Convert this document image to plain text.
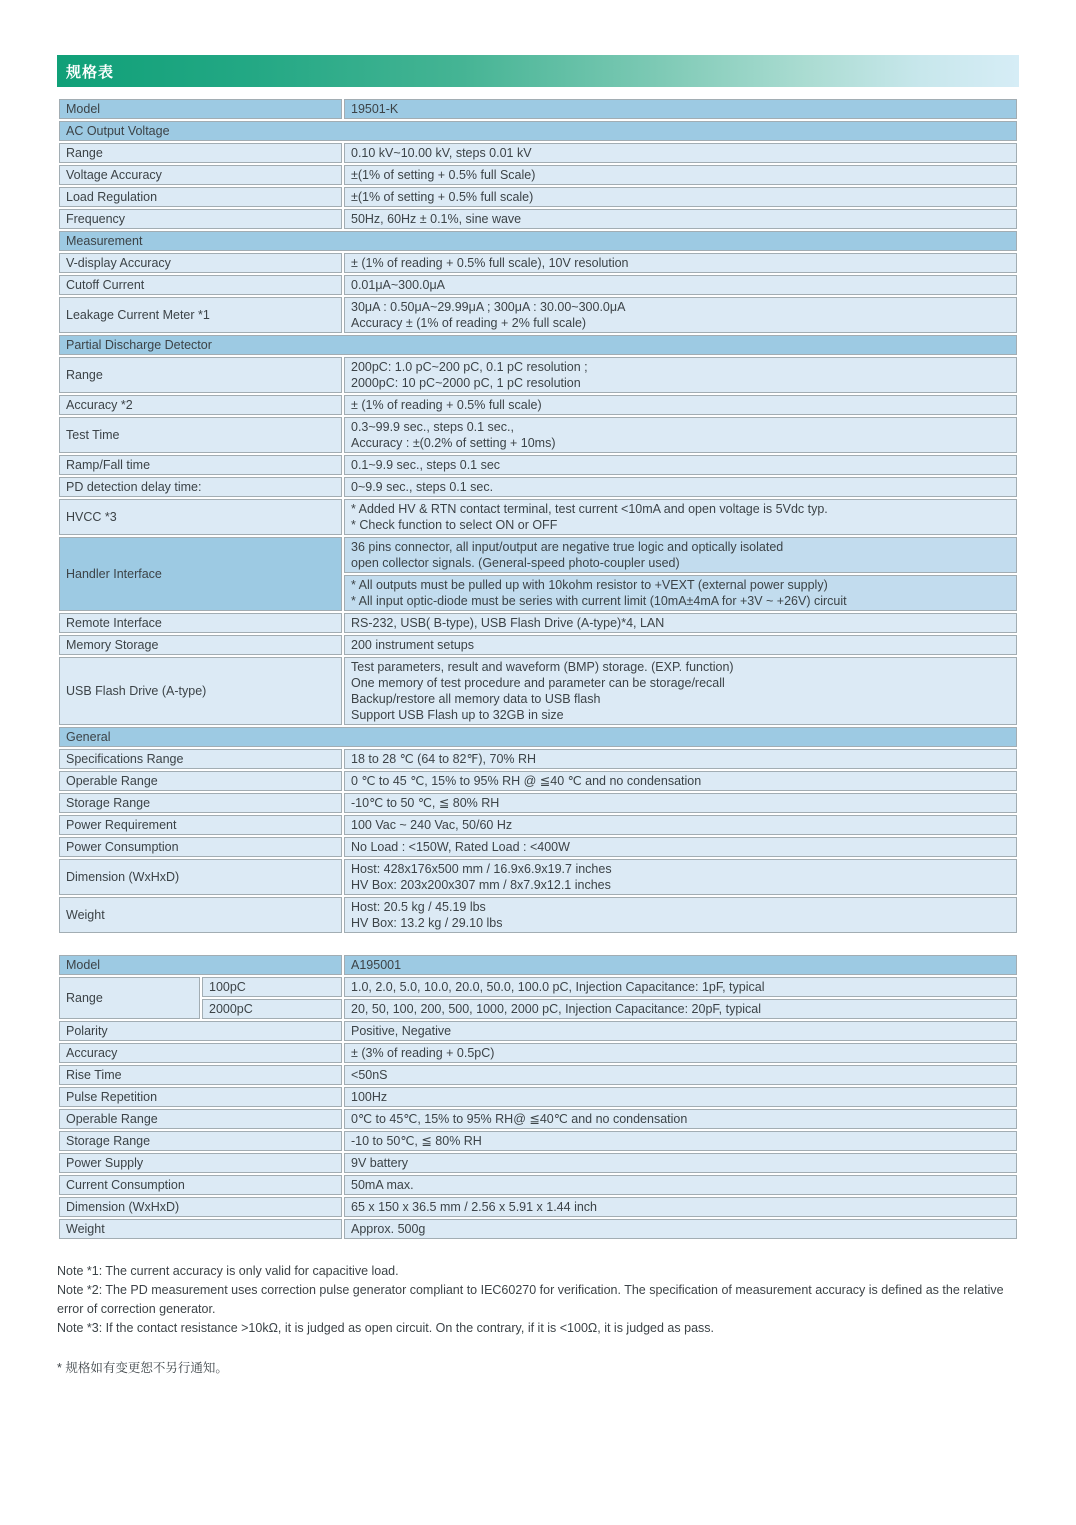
规格表
Model	19501-K
AC Output Voltage	
Range	0.10 kV~10.00 kV, steps 0.01 kV
Voltage Accuracy	±(1% of setting + 0.5% full Scale)
Load Regulation	±(1% of setting + 0.5% full scale)
Frequency	50Hz, 60Hz ± 0.1%, sine wave
Measurement	
V-display Accuracy	± (1% of reading + 0.5% full scale), 10V resolution
Cutoff Current	0.01μA~300.0μA
Leakage Current Meter *1	30μA : 0.50μA~29.99μA ; 300μA : 30.00~300.0μA
Accuracy ± (1% of reading + 2% full scale)

Partial Discharge Detector	
Range	200pC: 1.0 pC~200 pC, 0.1 pC resolution ;
2000pC: 10 pC~2000 pC, 1 pC resolution

Accuracy *2	± (1% of reading + 0.5% full scale)
Test Time	0.3~99.9 sec., steps 0.1 sec.,
Accuracy : ±(0.2% of setting + 10ms)

Ramp/Fall time	0.1~9.9 sec., steps 0.1 sec
PD detection delay time:	0~9.9 sec., steps 0.1 sec.
HVCC *3	* Added HV & RTN contact terminal, test current <10mA and open voltage is 5Vdc typ.
* Check function to select ON or OFF

Handler Interface	36 pins connector, all input/output are negative true logic and optically isolated
open collector signals. (General-speed photo-coupler used)

	* All outputs must be pulled up with 10kohm resistor to +VEXT (external power supply)
* All input optic-diode must be series with current limit (10mA±4mA for +3V ~ +26V) circuit

Remote Interface	RS-232, USB( B-type), USB Flash Drive (A-type)*4, LAN
Memory Storage	200 instrument setups
USB Flash Drive (A-type)	Test parameters, result and waveform (BMP) storage. (EXP. function)
One memory of test procedure and parameter can be storage/recall
Backup/restore all memory data to USB flash
Support USB Flash up to 32GB in size

General	
Specifications Range	18 to 28 ℃ (64 to 82℉), 70% RH
Operable Range	0 ℃ to 45 ℃, 15% to 95% RH @ ≦40 ℃ and no condensation
Storage Range	-10℃ to 50 ℃, ≦ 80% RH
Power Requirement	100 Vac ~ 240 Vac, 50/60 Hz
Power Consumption	No Load : <150W, Rated Load : <400W
Dimension (WxHxD)	Host: 428x176x500 mm / 16.9x6.9x19.7 inches
HV Box: 203x200x307 mm / 8x7.9x12.1 inches

Weight	Host: 20.5 kg / 45.19 lbs
HV Box: 13.2 kg / 29.10 lbs
Model		A195001
Range	100pC	1.0, 2.0, 5.0, 10.0, 20.0, 50.0, 100.0 pC, Injection Capacitance: 1pF, typical
	2000pC	20, 50, 100, 200, 500, 1000, 2000 pC, Injection Capacitance: 20pF, typical
Polarity		Positive, Negative
Accuracy		± (3% of reading + 0.5pC)
Rise Time		<50nS
Pulse Repetition		100Hz
Operable Range		0℃ to 45℃, 15% to 95% RH@ ≦40℃ and no condensation
Storage Range		-10 to 50℃, ≦ 80% RH
Power Supply		9V battery
Current Consumption		50mA max.
Dimension (WxHxD)		65 x 150 x 36.5 mm / 2.56 x 5.91 x 1.44 inch
Weight		Approx. 500g

Note *1: The current accuracy is only valid for capacitive load.

Note *2: The PD measurement uses correction pulse generator compliant to IEC60270 for verification. The specification of measurement accuracy is defined as the relative error of correction generator.

Note *3: If the contact resistance >10kΩ, it is judged as open circuit. On the contrary, if it is <100Ω, it is judged as pass.

* 规格如有变更恕不另行通知。
